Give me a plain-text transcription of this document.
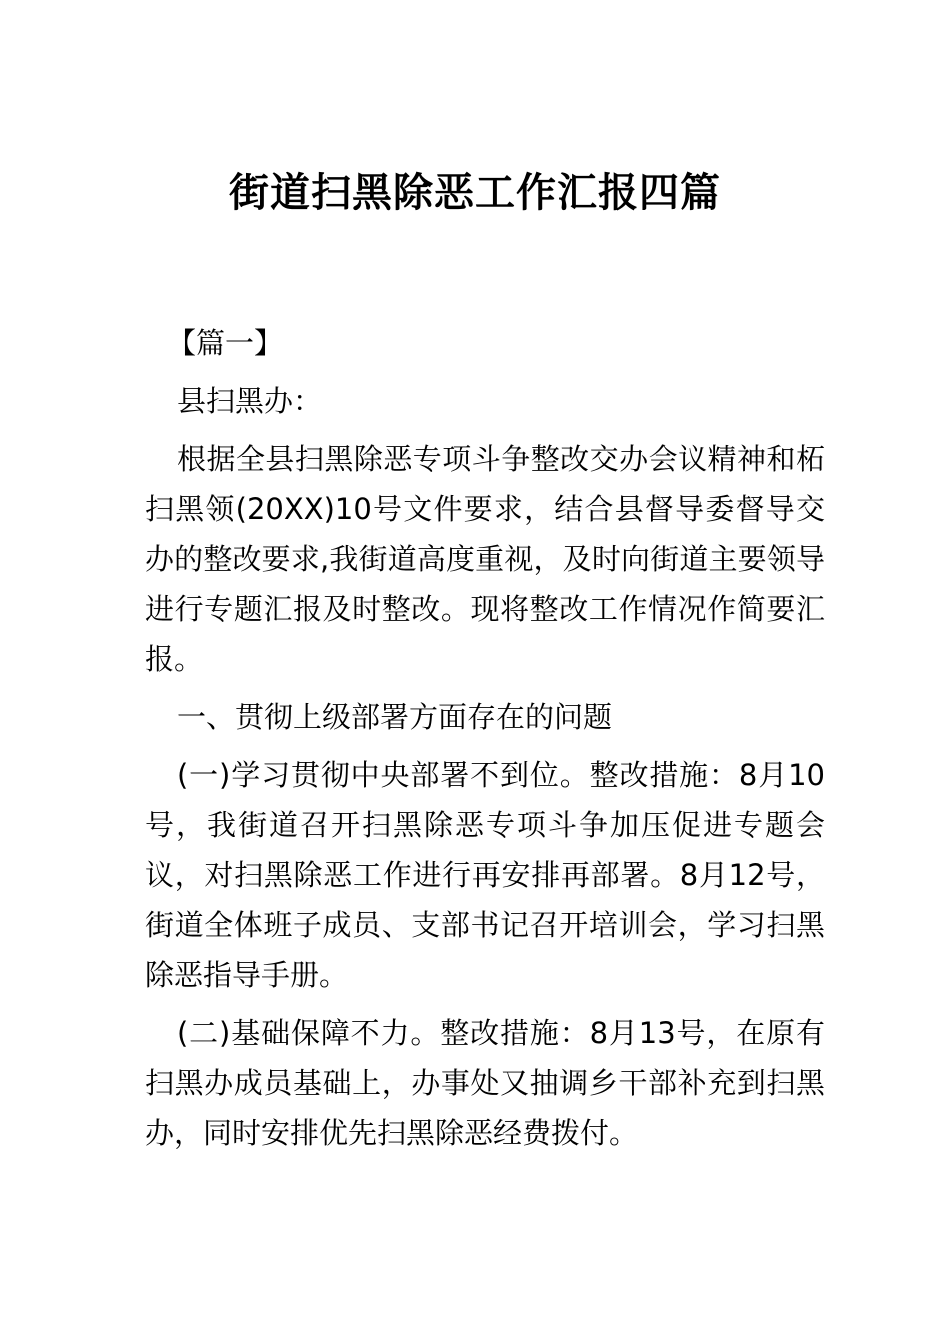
街道扫黑除恶工作汇报四篇

【篇一】

县扫黑办：

根据全县扫黑除恶专项斗争整改交办会议精神和柘扫黑领(20XX)10号文件要求，结合县督导委督导交办的整改要求,我街道高度重视，及时向街道主要领导进行专题汇报及时整改。现将整改工作情况作简要汇报。

一、贯彻上级部署方面存在的问题

(一)学习贯彻中央部署不到位。整改措施：8月10号，我街道召开扫黑除恶专项斗争加压促进专题会议，对扫黑除恶工作进行再安排再部署。8月12号，街道全体班子成员、支部书记召开培训会，学习扫黑除恶指导手册。

(二)基础保障不力。整改措施：8月13号，在原有扫黑办成员基础上，办事处又抽调乡干部补充到扫黑办，同时安排优先扫黑除恶经费拨付。
